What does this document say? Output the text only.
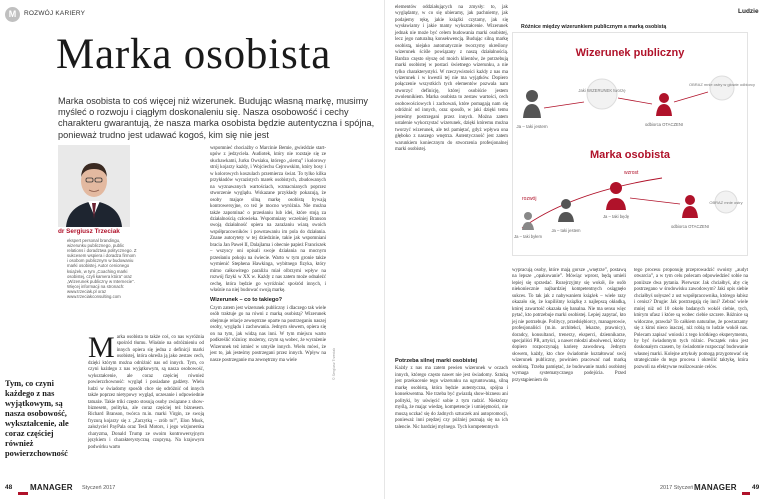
M	ROZWÓJ KARIERY	Ludzie
Marka osobista

Marka osobista to coś więcej niż wizerunek. Budując własną markę, musimy myśleć o rozwoju i ciągłym doskonaleniu się. Nasza osobowość i cechy charakteru gwarantują, że nasza marka osobista będzie autentyczna i spójna, ponieważ trudno jest udawać kogoś, kim się nie jest

dr Sergiusz Trzeciak
ekspert personal brandingu, wizerunku publicznego, public relations i doradztwa politycznego. Z sukcesem wspiera i doradza firmom i osobom publicznym w budowaniu marki osobistej. Autor cenionego książek, w tym „Coaching marki osobistej, czyli kamera która” oraz „Wizerunek publiczny w Internecie”. Więcej informacji na stronach: www.trzeciak.pl oraz www.trzeciakconsulting.com
Tym, co czyni każdego z nas wyjątkowym, są nasza osobowość, wykształcenie, ale coraz częściej również powierzchowność
M arka osobista to także coś, co nas wyróżnia spośród tłumu. Właśnie na odróżnieniu od innych opiera się jedna z definicji marki osobistej, która określa ją jako zestaw cech, dzięki którym można odróżnić nas od innych. Tym, co czyni każdego z nas wyjątkowym, są nasza osobowość, wykształcenie, ale coraz częściej również powierzchowność: wygląd i posiadane gadżety. Wielu ludzi w świadomy sposób chce się odróżnić od innych także poprzez nietypowy wygląd, uczesanie i odpowiednie tatuaże. Takie triki często stosują osoby związane z show-biznesem, polityka, ale coraz częściej też biznesem. Richard Branson, twórca m.in. marki Virgin, ze swoją fryzurą kojarzy się z „Zarzytką – zrób to!”, Elon Musk, założyciel PayPala oraz Tesli Motors, i jego wizjonerska charyzma, Donald Trump ze swoim kontrowersyjnym językiem i charakterystyczną czupryną. Na krajowym podwórku warto

wspomnieć chociażby o Marcinie Bemie, gwieździe start-upów z jedzyciela. Audiotek, który nie rozstaje się ze słuchawkami, Jurku Owsiaku, którego „sierną” i kolorowy strój kojarzy każdy, i Wojciechu Cejrowskim, który bosy i w kolorowych koszulach przemierza świat. To tylko kilka przykładów wyrazistych marek osobistych, zbudowanych na wyznawanych wartościach, wzmacnianych poprzez stworzenie wyglądu. Wskazane przykłady pokazują, że osoby mające silną markę osobistą bywają kontrowersyjne, co też je mocno wyróżnia. Nie można także zapominać o przesłaniu lub idei, które stoją za działalnością człowieka. Wspomniany wcześniej Branson swoją działalność opiera na zarażaniu wiarą swoich współpracowników i powstawaniu im pola do działania. Znane autorytety w tej dziedzinie, takie jak wspomniani bracia Jan Paweł II, Dalajlama i obecnie papież Franciszek – wszyscy oni opisali swoje działania na mocnym przesłaniu pokoju na świecie. Warto w tym gronie także wymienić Stephena Hawkinga, wybitnego fizyka, który mimo całkowitego paraliżu miał olbrzymi wpływ na rozwój fizyki w XX w. Każdy z nas zatem może odnaleźć cechę, która będzie go wyróżniać spośród innych, i właśnie na niej budować swoją markę.

Wizerunek – co to takiego?

Czym zatem jest wizerunek publiczny i dlaczego tak wiele osób traktuje go na równi z marką osobistą? Wizerunek obejmuje relacje zewnętrzne oparte na postrzeganiu naszej osoby, wyglądu i zachowania. Jednym słowem, opiera się on na tym, jak widzą nas inni. W tym miejscu warto podkreślić różnicę: możemy, czym są wobec, że wyrażenie Wizerunek też istnieć w umyśle innych. Wielu mówi, że jest to, jak jesteśmy postrzegani przez innych. Wpływ na nasze postrzeganie ma zewnętrzny ma wiele	© Sergiusz Trzeciak

elementów oddziałujących na zmysły: to, jak wyglądamy, w co się ubieramy, jak pachniemy, jak podajemy rękę, jakie książki czytamy, jak się wysławiamy i jakie mamy wykształcenie. Wizerunek jednak nie może być celem budowania marki osobistej, lecz jego naturalną konsekwencją. Budując silną markę osobistą, niejako automatycznie tworzymy określony wizerunek ściśle powiązany z naszą działalnością. Bardzo często słyszę od moich klientów, że potrzebują marki osobistej w postaci świetnego wizerunku, a nie tylko charakterystyki. W rzeczywistości każdy z nas ma wizerunek i w kwestii tej nie ma wyjątków. Dopiero połączenie wszystkich tych elementów pozwala nam stworzyć definicję, której osobiście jestem zwolennikiem. Marka osobista to zestaw wartości, cech osobowościowych i zachowań, które pomagają nam się odróżnić od innych, oraz sposób, w jaki dzięki temu jesteśmy postrzegani przez innych. Można zatem ustalenie wykorzystać wizerunek, dzięki któremu można tworzyć wizerunek, ale też pamiętać, gdyż wpływa ona głęboko z naszego wnętrza. Autentyczność jest zatem warunkiem koniecznym do stworzenia profesjonalnej marki osobistej.

Potrzeba silnej marki osobistej

Każdy z nas ma zatem pewien wizerunek w oczach innych, którego często nawet nie jest świadomy. Sztuką jest przekucenie tego wizerunku na ugruntowaną, silną markę osobistą, która będzie autentyczna, spójna i konsekwentna. Nie trzeba być gwiazdą show-biznesu ani polityki, by uświęcić sobie z tym radzić. Niektórzy myślą, że mając wiedzę, kompetencje i umiejętności, nie muszą uczkać się do żadnych sztuczek ani autopromocji, ponieważ inni prędzej czy później poznają się na ich talencie. Nic bardziej mylnego. Tych kompetentnych

Różnice między wizerunkiem publicznym a marką osobistą
Wizerunek publiczny
Ja – taki jestem
Jaki WIZERUNEK tworzę
odbiorca OTACZENI
OBRAZ mnie ostry w głowie odbiorcy
Marka osobista
rozwój
wzrost
Ja – taki byłem
Ja – taki jestem
Ja – taki będę
odbiorca OTACZENI
OBRAZ mnie ostry

wypracują osoby, które mają gorsze „wnętrze”, postawą na lepsze „opakowanie”. Mówiąc wprost, będą umieli lepiej się sprzedać. Rozejrzyjmy się wokół, ile osób niekoniecznie najbardziej kompetentnych osiągnęło sukces. To tak jak z nabywaniem książek – wiele razy okazało się, że kupiliśmy książkę z najlepszą okładką, której zawartość okazała się banalna. Nie ma sensu więc pytać, kto potrzebuje marki osobistej. Lepiej zapytać, kto jej nie potrzebuje. Politycy, przedsiębiorcy, managerowie, profesjonaliści (m.in. architekci, lekarze, prawnicy), doradcy, konsultanci, trenerzy, eksperci, dziennikarze, specjaliści PR, artyści, a nawet młodzi absolwenci, którzy dopiero rozpoczynają karierę zawodową. Jednym słowem, każdy, kto chce świadomie kształtować swój wizerunek publiczny, powinien pracować nad marką osobistą. Trzeba pamiętać, że budowanie marki osobistej wymaga systematycznego podejścia. Przed przystąpieniem do

tego procesu proponuję przeprowadzić swoisty „audyt otwarcia”, a w tym celu polecam odpowiedzieć sobie na poniższe dwa pytania. Pierwsze: Jak chciałbyś, aby cię postrzegano w środowisku zawodowym? Jaki opis siebie chciałbyś usłyszeć z ust współpracownika, którego łabisz i cenisz? Drugie: Jak postrzegają cię inni? Zebrać wiele mniej niż od 10 około badanych wokół ciebie, tych, którym ufasz i które są wobec ciebie szczere. Różnice są widoczne, prawda? To całkiem naturalne, że powtarzamy się z kimś nieco inaczej, niż robią to ludzie wokół nas. Polecam zapisać wnioski z tego krótkiego eksperymentu, by być świadomym tych różnic. Początek roku jest doskonałym czasem, by świadomie rozpocząć budowanie własnej marki. Kolejne artykuły pomogą przygotować się strategicznie do tego procesu i określić taktykę, która pozwoli na efektywne realizowanie celów.

48 MANAGER Styczeń 2017	2017 Styczeń MANAGER 49
